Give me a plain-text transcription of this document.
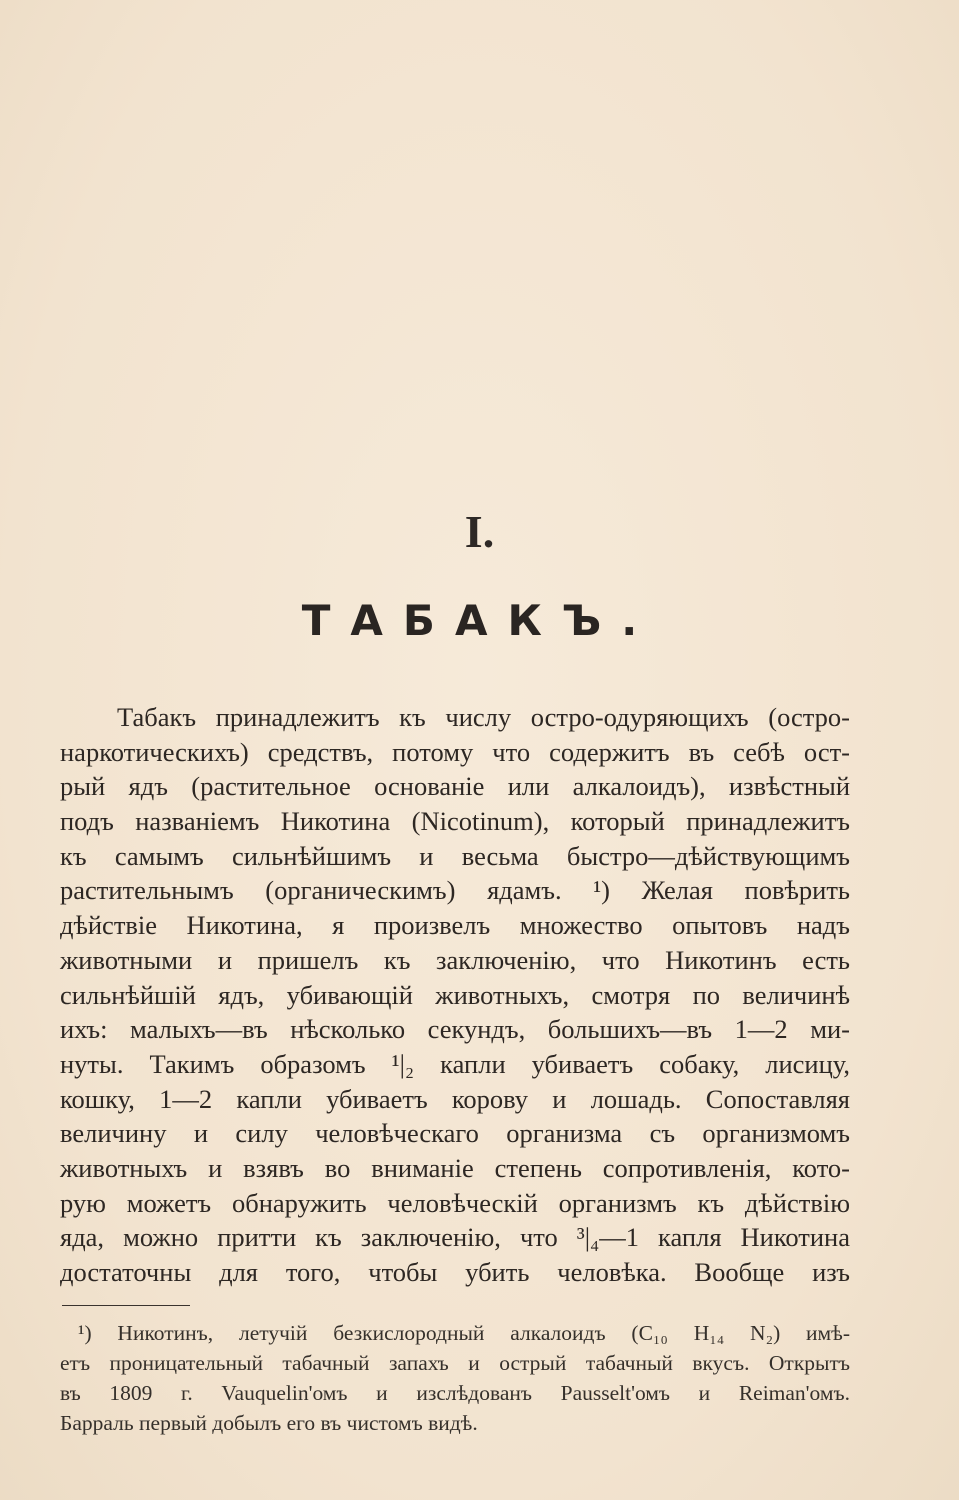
I.
ТАБАКЪ.
Табакъ принадлежитъ къ числу остро-одуряющихъ (остро-
наркотическихъ) средствъ, потому что содержитъ въ себѣ ост-
рый ядъ (растительное основаніе или алкалоидъ), извѣстный
подъ названіемъ Никотина (Nicotinum), который принадлежитъ
къ самымъ сильнѣйшимъ и весьма быстро—дѣйствующимъ
растительнымъ (органическимъ) ядамъ. ¹) Желая повѣрить
дѣйствіе Никотина, я произвелъ множество опытовъ надъ
животными и пришелъ къ заключенію, что Никотинъ есть
сильнѣйшій ядъ, убивающій животныхъ, смотря по величинѣ
ихъ: малыхъ—въ нѣсколько секундъ, большихъ—въ 1—2 ми-
нуты. Такимъ образомъ ¹|₂ капли убиваетъ собаку, лисицу,
кошку, 1—2 капли убиваетъ корову и лошадь. Сопоставляя
величину и силу человѣческаго организма съ организмомъ
животныхъ и взявъ во вниманіе степень сопротивленія, кото-
рую можетъ обнаружить человѣческій организмъ къ дѣйствію
яда, можно притти къ заключенію, что ³|₄—1 капля Никотина
достаточны для того, чтобы убить человѣка. Вообще изъ
¹) Никотинъ, летучій безкислородный алкалоидъ (C₁₀ H₁₄ N₂) имѣ-
етъ проницательный табачный запахъ и острый табачный вкусъ. Открытъ
въ 1809 г. Vauquelin'омъ и изслѣдованъ Pausselt'омъ и Reiman'омъ.
Барраль первый добылъ его въ чистомъ видѣ.
